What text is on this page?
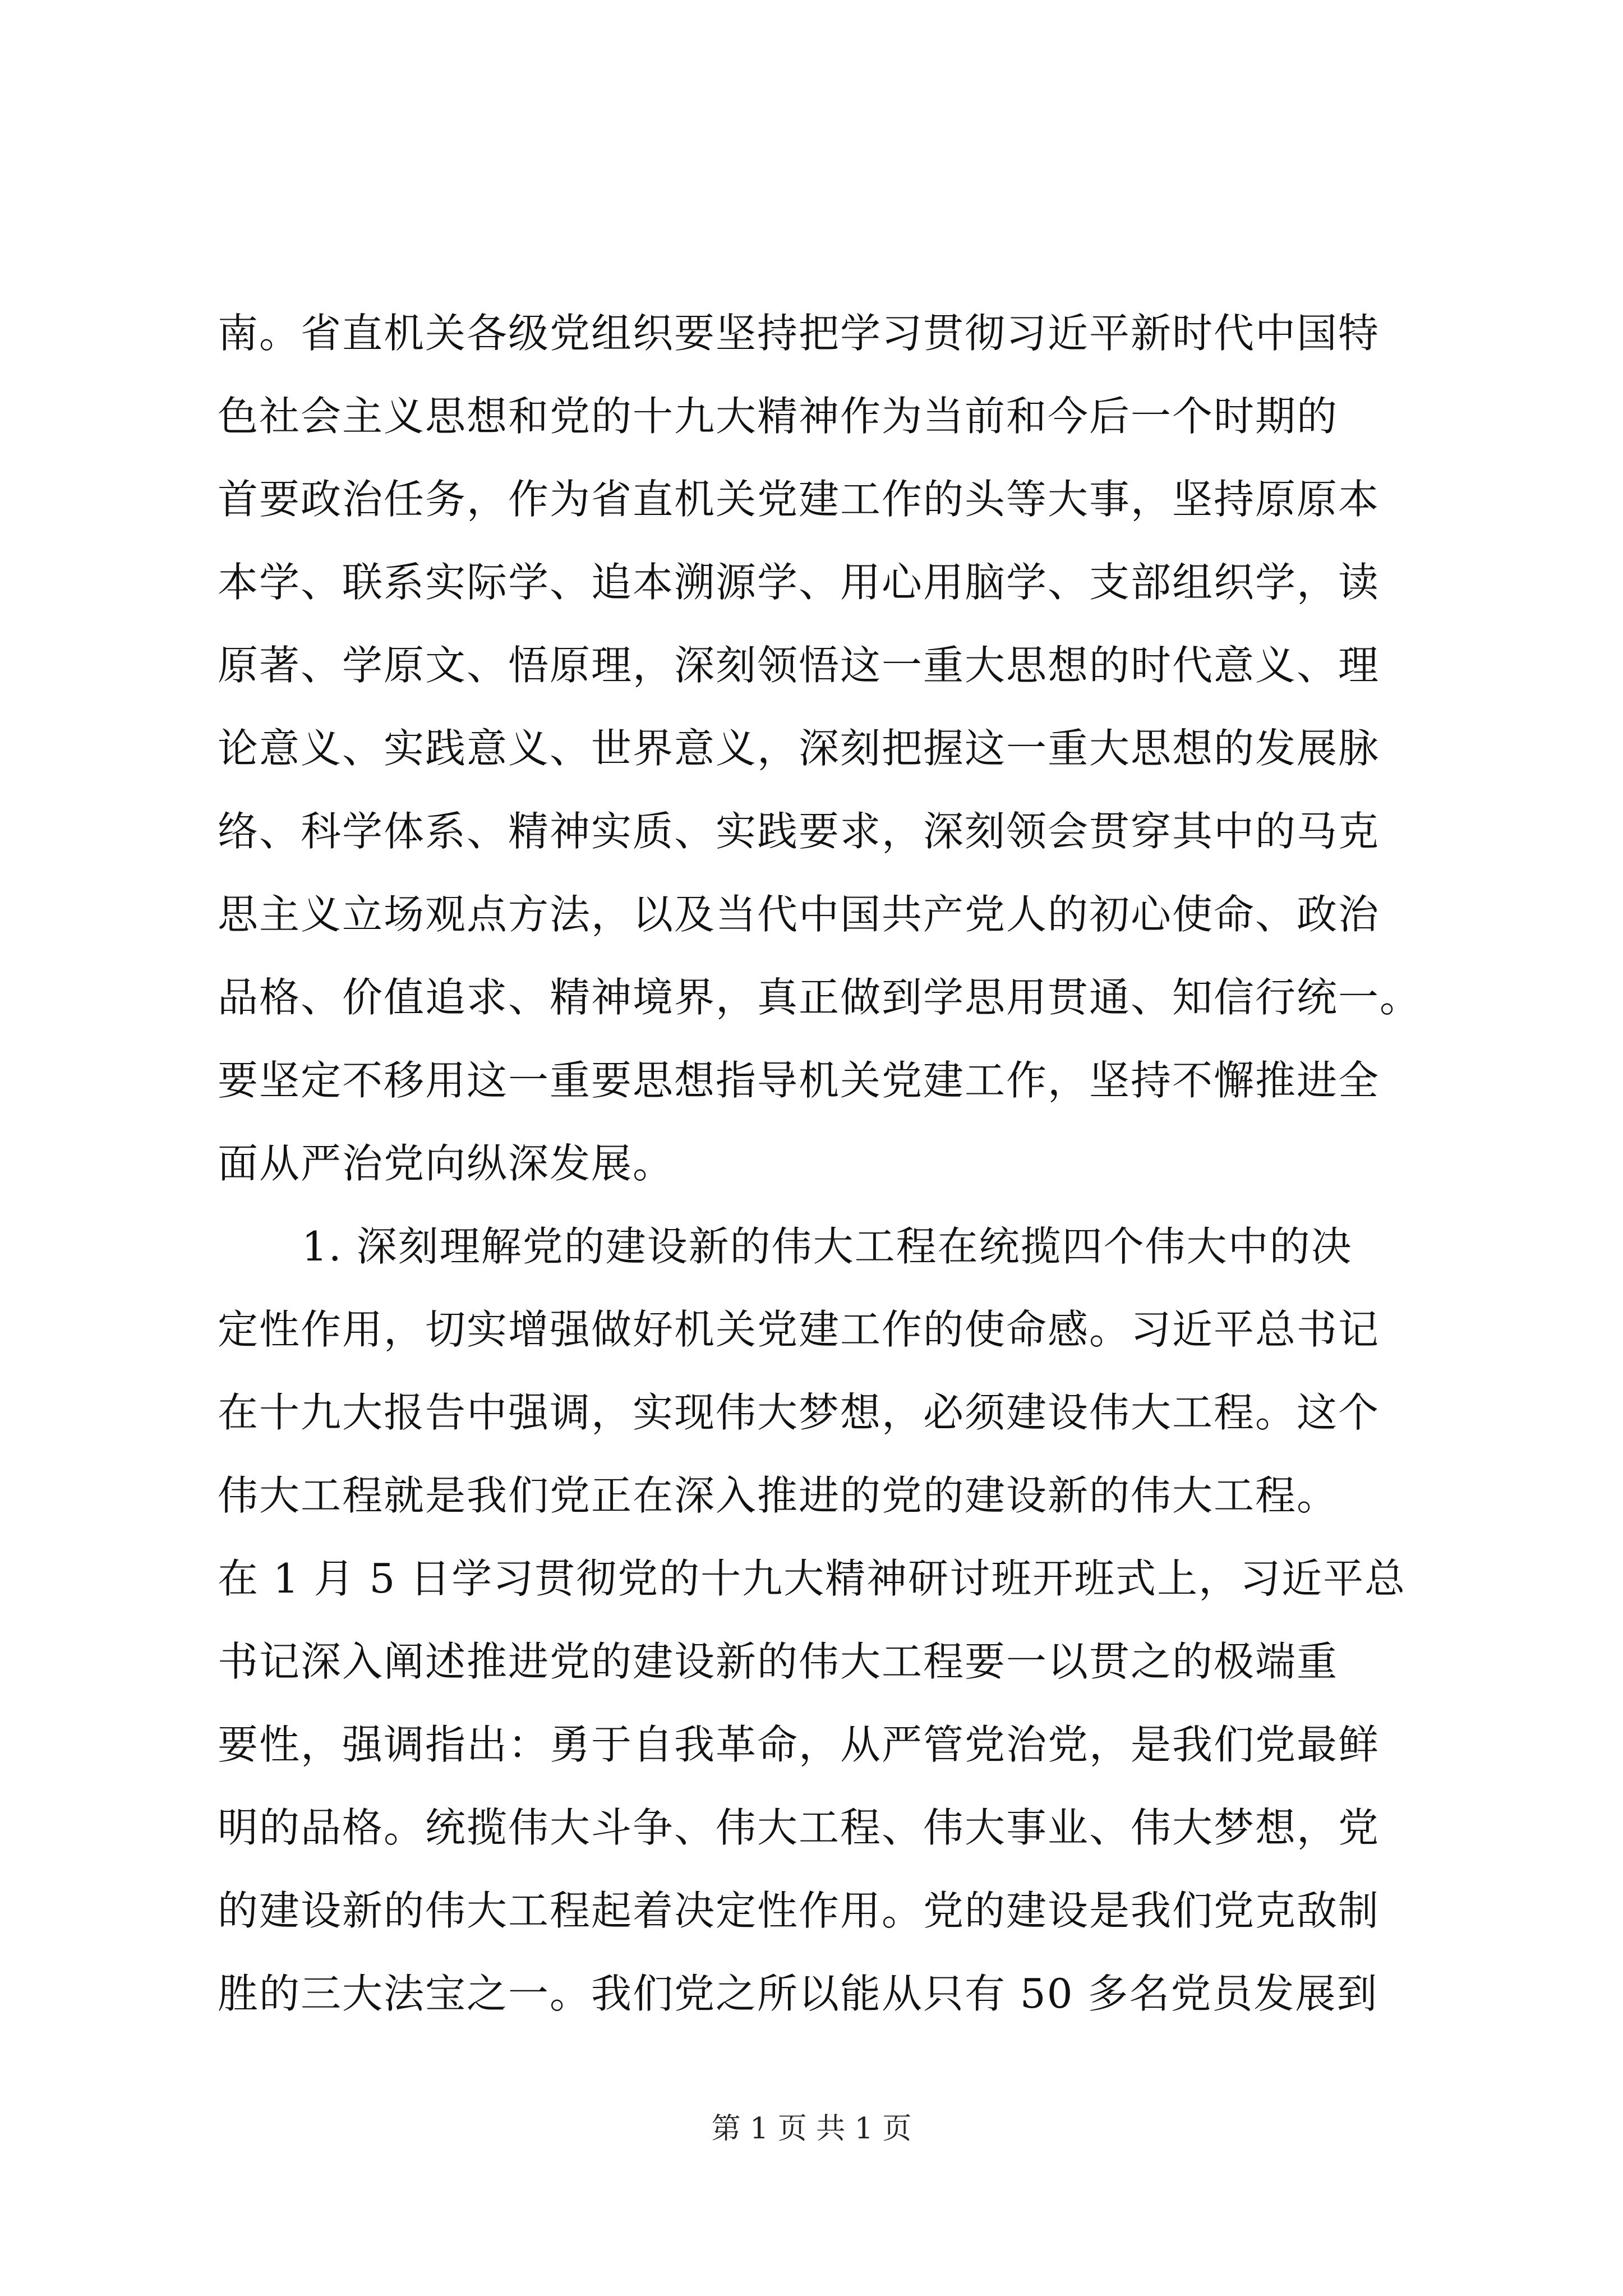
南。省直机关各级党组织要坚持把学习贯彻习近平新时代中国特
色社会主义思想和党的十九大精神作为当前和今后一个时期的
首要政治任务，作为省直机关党建工作的头等大事，坚持原原本
本学、联系实际学、追本溯源学、用心用脑学、支部组织学，读
原著、学原文、悟原理，深刻领悟这一重大思想的时代意义、理
论意义、实践意义、世界意义，深刻把握这一重大思想的发展脉
络、科学体系、精神实质、实践要求，深刻领会贯穿其中的马克
思主义立场观点方法，以及当代中国共产党人的初心使命、政治
品格、价值追求、精神境界，真正做到学思用贯通、知信行统一。
要坚定不移用这一重要思想指导机关党建工作，坚持不懈推进全
面从严治党向纵深发展。
1. 深刻理解党的建设新的伟大工程在统揽四个伟大中的决
定性作用，切实增强做好机关党建工作的使命感。习近平总书记
在十九大报告中强调，实现伟大梦想，必须建设伟大工程。这个
伟大工程就是我们党正在深入推进的党的建设新的伟大工程。
在 1 月 5 日学习贯彻党的十九大精神研讨班开班式上，习近平总
书记深入阐述推进党的建设新的伟大工程要一以贯之的极端重
要性，强调指出：勇于自我革命，从严管党治党，是我们党最鲜
明的品格。统揽伟大斗争、伟大工程、伟大事业、伟大梦想，党
的建设新的伟大工程起着决定性作用。党的建设是我们党克敌制
胜的三大法宝之一。我们党之所以能从只有 50 多名党员发展到
第 1 页 共 1 页
